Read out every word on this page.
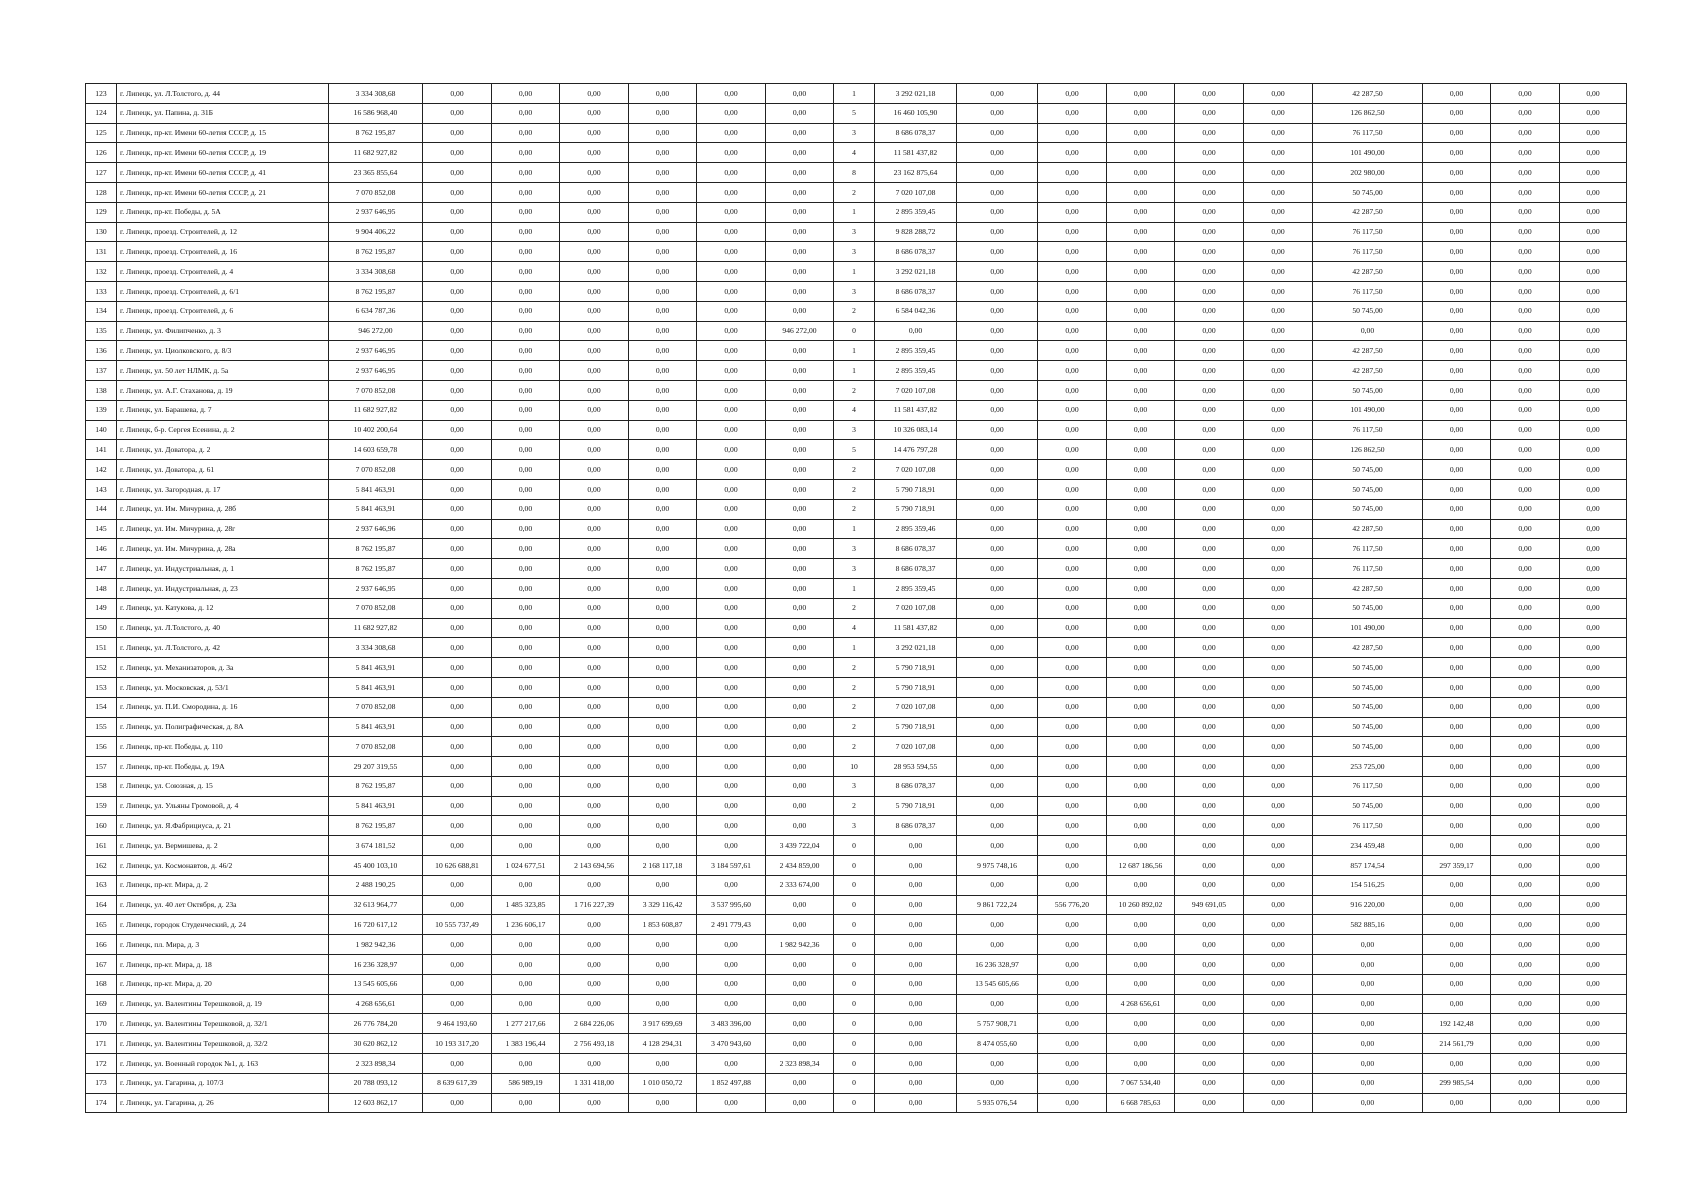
123	г. Липецк, ул. Л.Толстого, д. 44	3 334 308,68	0,00	0,00	0,00	0,00	0,00	0,00	1	3 292 021,18	0,00	0,00	0,00	0,00	0,00	42 287,50	0,00	0,00	0,00
124	г. Липецк, ул. Папина, д. 31Б	16 586 968,40	0,00	0,00	0,00	0,00	0,00	0,00	5	16 460 105,90	0,00	0,00	0,00	0,00	0,00	126 862,50	0,00	0,00	0,00
125	г. Липецк, пр-кт. Имени 60-летия СССР, д. 15	8 762 195,87	0,00	0,00	0,00	0,00	0,00	0,00	3	8 686 078,37	0,00	0,00	0,00	0,00	0,00	76 117,50	0,00	0,00	0,00
126	г. Липецк, пр-кт. Имени 60-летия СССР, д. 19	11 682 927,82	0,00	0,00	0,00	0,00	0,00	0,00	4	11 581 437,82	0,00	0,00	0,00	0,00	0,00	101 490,00	0,00	0,00	0,00
127	г. Липецк, пр-кт. Имени 60-летия СССР, д. 41	23 365 855,64	0,00	0,00	0,00	0,00	0,00	0,00	8	23 162 875,64	0,00	0,00	0,00	0,00	0,00	202 980,00	0,00	0,00	0,00
128	г. Липецк, пр-кт. Имени 60-летия СССР, д. 21	7 070 852,08	0,00	0,00	0,00	0,00	0,00	0,00	2	7 020 107,08	0,00	0,00	0,00	0,00	0,00	50 745,00	0,00	0,00	0,00
129	г. Липецк, пр-кт. Победы, д. 5А	2 937 646,95	0,00	0,00	0,00	0,00	0,00	0,00	1	2 895 359,45	0,00	0,00	0,00	0,00	0,00	42 287,50	0,00	0,00	0,00
130	г. Липецк, проезд. Строителей, д. 12	9 904 406,22	0,00	0,00	0,00	0,00	0,00	0,00	3	9 828 288,72	0,00	0,00	0,00	0,00	0,00	76 117,50	0,00	0,00	0,00
131	г. Липецк, проезд. Строителей, д. 16	8 762 195,87	0,00	0,00	0,00	0,00	0,00	0,00	3	8 686 078,37	0,00	0,00	0,00	0,00	0,00	76 117,50	0,00	0,00	0,00
132	г. Липецк, проезд. Строителей, д. 4	3 334 308,68	0,00	0,00	0,00	0,00	0,00	0,00	1	3 292 021,18	0,00	0,00	0,00	0,00	0,00	42 287,50	0,00	0,00	0,00
133	г. Липецк, проезд. Строителей, д. 6/1	8 762 195,87	0,00	0,00	0,00	0,00	0,00	0,00	3	8 686 078,37	0,00	0,00	0,00	0,00	0,00	76 117,50	0,00	0,00	0,00
134	г. Липецк, проезд. Строителей, д. 6	6 634 787,36	0,00	0,00	0,00	0,00	0,00	0,00	2	6 584 042,36	0,00	0,00	0,00	0,00	0,00	50 745,00	0,00	0,00	0,00
135	г. Липецк, ул. Филипченко, д. 3	946 272,00	0,00	0,00	0,00	0,00	0,00	946 272,00	0	0,00	0,00	0,00	0,00	0,00	0,00	0,00	0,00	0,00	0,00
136	г. Липецк, ул. Циолковского, д. 8/3	2 937 646,95	0,00	0,00	0,00	0,00	0,00	0,00	1	2 895 359,45	0,00	0,00	0,00	0,00	0,00	42 287,50	0,00	0,00	0,00
137	г. Липецк, ул. 50 лет НЛМК, д. 5а	2 937 646,95	0,00	0,00	0,00	0,00	0,00	0,00	1	2 895 359,45	0,00	0,00	0,00	0,00	0,00	42 287,50	0,00	0,00	0,00
138	г. Липецк, ул. А.Г. Стаханова, д. 19	7 070 852,08	0,00	0,00	0,00	0,00	0,00	0,00	2	7 020 107,08	0,00	0,00	0,00	0,00	0,00	50 745,00	0,00	0,00	0,00
139	г. Липецк, ул. Барашева, д. 7	11 682 927,82	0,00	0,00	0,00	0,00	0,00	0,00	4	11 581 437,82	0,00	0,00	0,00	0,00	0,00	101 490,00	0,00	0,00	0,00
140	г. Липецк, б-р. Сергея Есенина, д. 2	10 402 200,64	0,00	0,00	0,00	0,00	0,00	0,00	3	10 326 083,14	0,00	0,00	0,00	0,00	0,00	76 117,50	0,00	0,00	0,00
141	г. Липецк, ул. Доватора, д. 2	14 603 659,78	0,00	0,00	0,00	0,00	0,00	0,00	5	14 476 797,28	0,00	0,00	0,00	0,00	0,00	126 862,50	0,00	0,00	0,00
142	г. Липецк, ул. Доватора, д. 61	7 070 852,08	0,00	0,00	0,00	0,00	0,00	0,00	2	7 020 107,08	0,00	0,00	0,00	0,00	0,00	50 745,00	0,00	0,00	0,00
143	г. Липецк, ул. Загородная, д. 17	5 841 463,91	0,00	0,00	0,00	0,00	0,00	0,00	2	5 790 718,91	0,00	0,00	0,00	0,00	0,00	50 745,00	0,00	0,00	0,00
144	г. Липецк, ул. Им. Мичурина, д. 28б	5 841 463,91	0,00	0,00	0,00	0,00	0,00	0,00	2	5 790 718,91	0,00	0,00	0,00	0,00	0,00	50 745,00	0,00	0,00	0,00
145	г. Липецк, ул. Им. Мичурина, д. 28г	2 937 646,96	0,00	0,00	0,00	0,00	0,00	0,00	1	2 895 359,46	0,00	0,00	0,00	0,00	0,00	42 287,50	0,00	0,00	0,00
146	г. Липецк, ул. Им. Мичурина, д. 28а	8 762 195,87	0,00	0,00	0,00	0,00	0,00	0,00	3	8 686 078,37	0,00	0,00	0,00	0,00	0,00	76 117,50	0,00	0,00	0,00
147	г. Липецк, ул. Индустриальная, д. 1	8 762 195,87	0,00	0,00	0,00	0,00	0,00	0,00	3	8 686 078,37	0,00	0,00	0,00	0,00	0,00	76 117,50	0,00	0,00	0,00
148	г. Липецк, ул. Индустриальная, д. 23	2 937 646,95	0,00	0,00	0,00	0,00	0,00	0,00	1	2 895 359,45	0,00	0,00	0,00	0,00	0,00	42 287,50	0,00	0,00	0,00
149	г. Липецк, ул. Катукова, д. 12	7 070 852,08	0,00	0,00	0,00	0,00	0,00	0,00	2	7 020 107,08	0,00	0,00	0,00	0,00	0,00	50 745,00	0,00	0,00	0,00
150	г. Липецк, ул. Л.Толстого, д. 40	11 682 927,82	0,00	0,00	0,00	0,00	0,00	0,00	4	11 581 437,82	0,00	0,00	0,00	0,00	0,00	101 490,00	0,00	0,00	0,00
151	г. Липецк, ул. Л.Толстого, д. 42	3 334 308,68	0,00	0,00	0,00	0,00	0,00	0,00	1	3 292 021,18	0,00	0,00	0,00	0,00	0,00	42 287,50	0,00	0,00	0,00
152	г. Липецк, ул. Механизаторов, д. 3а	5 841 463,91	0,00	0,00	0,00	0,00	0,00	0,00	2	5 790 718,91	0,00	0,00	0,00	0,00	0,00	50 745,00	0,00	0,00	0,00
153	г. Липецк, ул. Московская, д. 53/1	5 841 463,91	0,00	0,00	0,00	0,00	0,00	0,00	2	5 790 718,91	0,00	0,00	0,00	0,00	0,00	50 745,00	0,00	0,00	0,00
154	г. Липецк, ул. П.И. Смородина, д. 16	7 070 852,08	0,00	0,00	0,00	0,00	0,00	0,00	2	7 020 107,08	0,00	0,00	0,00	0,00	0,00	50 745,00	0,00	0,00	0,00
155	г. Липецк, ул. Полиграфическая, д. 8А	5 841 463,91	0,00	0,00	0,00	0,00	0,00	0,00	2	5 790 718,91	0,00	0,00	0,00	0,00	0,00	50 745,00	0,00	0,00	0,00
156	г. Липецк, пр-кт. Победы, д. 110	7 070 852,08	0,00	0,00	0,00	0,00	0,00	0,00	2	7 020 107,08	0,00	0,00	0,00	0,00	0,00	50 745,00	0,00	0,00	0,00
157	г. Липецк, пр-кт. Победы, д. 19А	29 207 319,55	0,00	0,00	0,00	0,00	0,00	0,00	10	28 953 594,55	0,00	0,00	0,00	0,00	0,00	253 725,00	0,00	0,00	0,00
158	г. Липецк, ул. Союзная, д. 15	8 762 195,87	0,00	0,00	0,00	0,00	0,00	0,00	3	8 686 078,37	0,00	0,00	0,00	0,00	0,00	76 117,50	0,00	0,00	0,00
159	г. Липецк, ул. Ульяны Громовой, д. 4	5 841 463,91	0,00	0,00	0,00	0,00	0,00	0,00	2	5 790 718,91	0,00	0,00	0,00	0,00	0,00	50 745,00	0,00	0,00	0,00
160	г. Липецк, ул. Я.Фабрициуса, д. 21	8 762 195,87	0,00	0,00	0,00	0,00	0,00	0,00	3	8 686 078,37	0,00	0,00	0,00	0,00	0,00	76 117,50	0,00	0,00	0,00
161	г. Липецк, ул. Вермишева, д. 2	3 674 181,52	0,00	0,00	0,00	0,00	0,00	3 439 722,04	0	0,00	0,00	0,00	0,00	0,00	0,00	234 459,48	0,00	0,00	0,00
162	г. Липецк, ул. Космонавтов, д. 46/2	45 400 103,10	10 626 688,81	1 024 677,51	2 143 694,56	2 168 117,18	3 184 597,61	2 434 859,00	0	0,00	9 975 748,16	0,00	12 687 186,56	0,00	0,00	857 174,54	297 359,17	0,00	0,00
163	г. Липецк, пр-кт. Мира, д. 2	2 488 190,25	0,00	0,00	0,00	0,00	0,00	2 333 674,00	0	0,00	0,00	0,00	0,00	0,00	0,00	154 516,25	0,00	0,00	0,00
164	г. Липецк, ул. 40 лет Октября, д. 23а	32 613 964,77	0,00	1 485 323,85	1 716 227,39	3 329 116,42	3 537 995,60	0,00	0	0,00	9 861 722,24	556 776,20	10 260 892,02	949 691,05	0,00	916 220,00	0,00	0,00	0,00
165	г. Липецк, городок Студенческий, д. 24	16 720 617,12	10 555 737,49	1 236 606,17	0,00	1 853 608,87	2 491 779,43	0,00	0	0,00	0,00	0,00	0,00	0,00	0,00	582 885,16	0,00	0,00	0,00
166	г. Липецк, пл. Мира, д. 3	1 982 942,36	0,00	0,00	0,00	0,00	0,00	1 982 942,36	0	0,00	0,00	0,00	0,00	0,00	0,00	0,00	0,00	0,00	0,00
167	г. Липецк, пр-кт. Мира, д. 18	16 236 328,97	0,00	0,00	0,00	0,00	0,00	0,00	0	0,00	16 236 328,97	0,00	0,00	0,00	0,00	0,00	0,00	0,00	0,00
168	г. Липецк, пр-кт. Мира, д. 20	13 545 605,66	0,00	0,00	0,00	0,00	0,00	0,00	0	0,00	13 545 605,66	0,00	0,00	0,00	0,00	0,00	0,00	0,00	0,00
169	г. Липецк, ул. Валентины Терешковой, д. 19	4 268 656,61	0,00	0,00	0,00	0,00	0,00	0,00	0	0,00	0,00	0,00	4 268 656,61	0,00	0,00	0,00	0,00	0,00	0,00
170	г. Липецк, ул. Валентины Терешковой, д. 32/1	26 776 784,20	9 464 193,60	1 277 217,66	2 684 226,06	3 917 699,69	3 483 396,00	0,00	0	0,00	5 757 908,71	0,00	0,00	0,00	0,00	0,00	192 142,48	0,00	0,00
171	г. Липецк, ул. Валентины Терешковой, д. 32/2	30 620 862,12	10 193 317,20	1 383 196,44	2 756 493,18	4 128 294,31	3 470 943,60	0,00	0	0,00	8 474 055,60	0,00	0,00	0,00	0,00	0,00	214 561,79	0,00	0,00
172	г. Липецк, ул. Военный городок №1, д. 163	2 323 898,34	0,00	0,00	0,00	0,00	0,00	2 323 898,34	0	0,00	0,00	0,00	0,00	0,00	0,00	0,00	0,00	0,00	0,00
173	г. Липецк, ул. Гагарина, д. 107/3	20 788 093,12	8 639 617,39	586 989,19	1 331 418,00	1 010 050,72	1 852 497,88	0,00	0	0,00	0,00	0,00	7 067 534,40	0,00	0,00	0,00	299 985,54	0,00	0,00
174	г. Липецк, ул. Гагарина, д. 26	12 603 862,17	0,00	0,00	0,00	0,00	0,00	0,00	0	0,00	5 935 076,54	0,00	6 668 785,63	0,00	0,00	0,00	0,00	0,00	0,00
